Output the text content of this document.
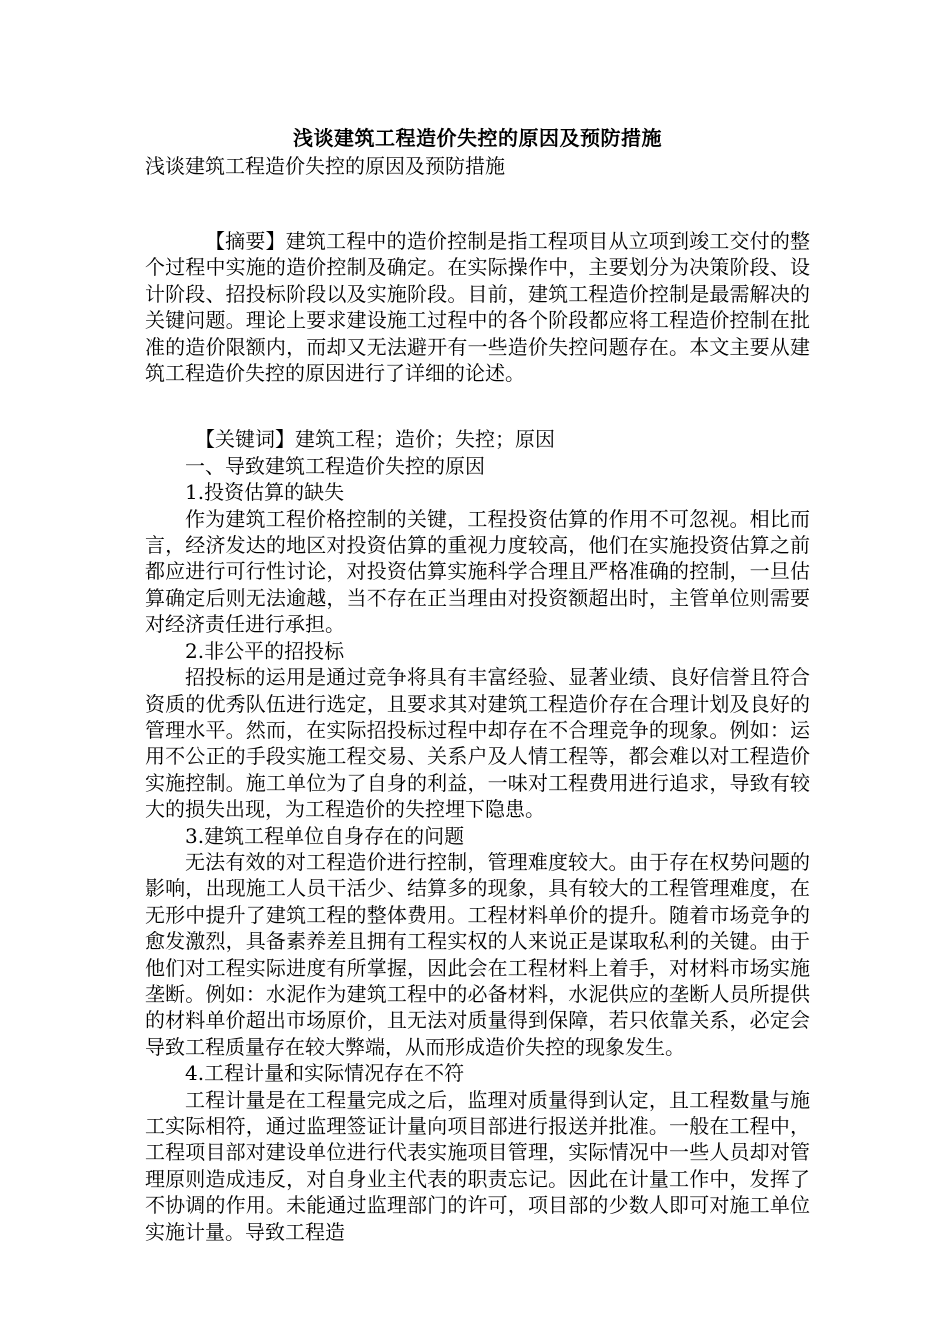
浅谈建筑工程造价失控的原因及预防措施

浅谈建筑工程造价失控的原因及预防措施

【摘要】建筑工程中的造价控制是指工程项目从立项到竣工交付的整个过程中实施的造价控制及确定。在实际操作中，主要划分为决策阶段、设计阶段、招投标阶段以及实施阶段。目前，建筑工程造价控制是最需解决的关键问题。理论上要求建设施工过程中的各个阶段都应将工程造价控制在批准的造价限额内，而却又无法避开有一些造价失控问题存在。本文主要从建筑工程造价失控的原因进行了详细的论述。

【关键词】建筑工程；造价；失控；原因

一、导致建筑工程造价失控的原因

1.投资估算的缺失

作为建筑工程价格控制的关键，工程投资估算的作用不可忽视。相比而言，经济发达的地区对投资估算的重视力度较高，他们在实施投资估算之前都应进行可行性讨论，对投资估算实施科学合理且严格准确的控制，一旦估算确定后则无法逾越，当不存在正当理由对投资额超出时，主管单位则需要对经济责任进行承担。

2.非公平的招投标

招投标的运用是通过竞争将具有丰富经验、显著业绩、良好信誉且符合资质的优秀队伍进行选定，且要求其对建筑工程造价存在合理计划及良好的管理水平。然而，在实际招投标过程中却存在不合理竞争的现象。例如：运用不公正的手段实施工程交易、关系户及人情工程等，都会难以对工程造价实施控制。施工单位为了自身的利益，一味对工程费用进行追求，导致有较大的损失出现，为工程造价的失控埋下隐患。

3.建筑工程单位自身存在的问题

无法有效的对工程造价进行控制，管理难度较大。由于存在权势问题的影响，出现施工人员干活少、结算多的现象，具有较大的工程管理难度，在无形中提升了建筑工程的整体费用。工程材料单价的提升。随着市场竞争的愈发激烈，具备素养差且拥有工程实权的人来说正是谋取私利的关键。由于他们对工程实际进度有所掌握，因此会在工程材料上着手，对材料市场实施垄断。例如：水泥作为建筑工程中的必备材料，水泥供应的垄断人员所提供的材料单价超出市场原价，且无法对质量得到保障，若只依靠关系，必定会导致工程质量存在较大弊端，从而形成造价失控的现象发生。

4.工程计量和实际情况存在不符

工程计量是在工程量完成之后，监理对质量得到认定，且工程数量与施工实际相符，通过监理签证计量向项目部进行报送并批准。一般在工程中，工程项目部对建设单位进行代表实施项目管理，实际情况中一些人员却对管理原则造成违反，对自身业主代表的职责忘记。因此在计量工作中，发挥了不协调的作用。未能通过监理部门的许可，项目部的少数人即可对施工单位实施计量。导致工程造
